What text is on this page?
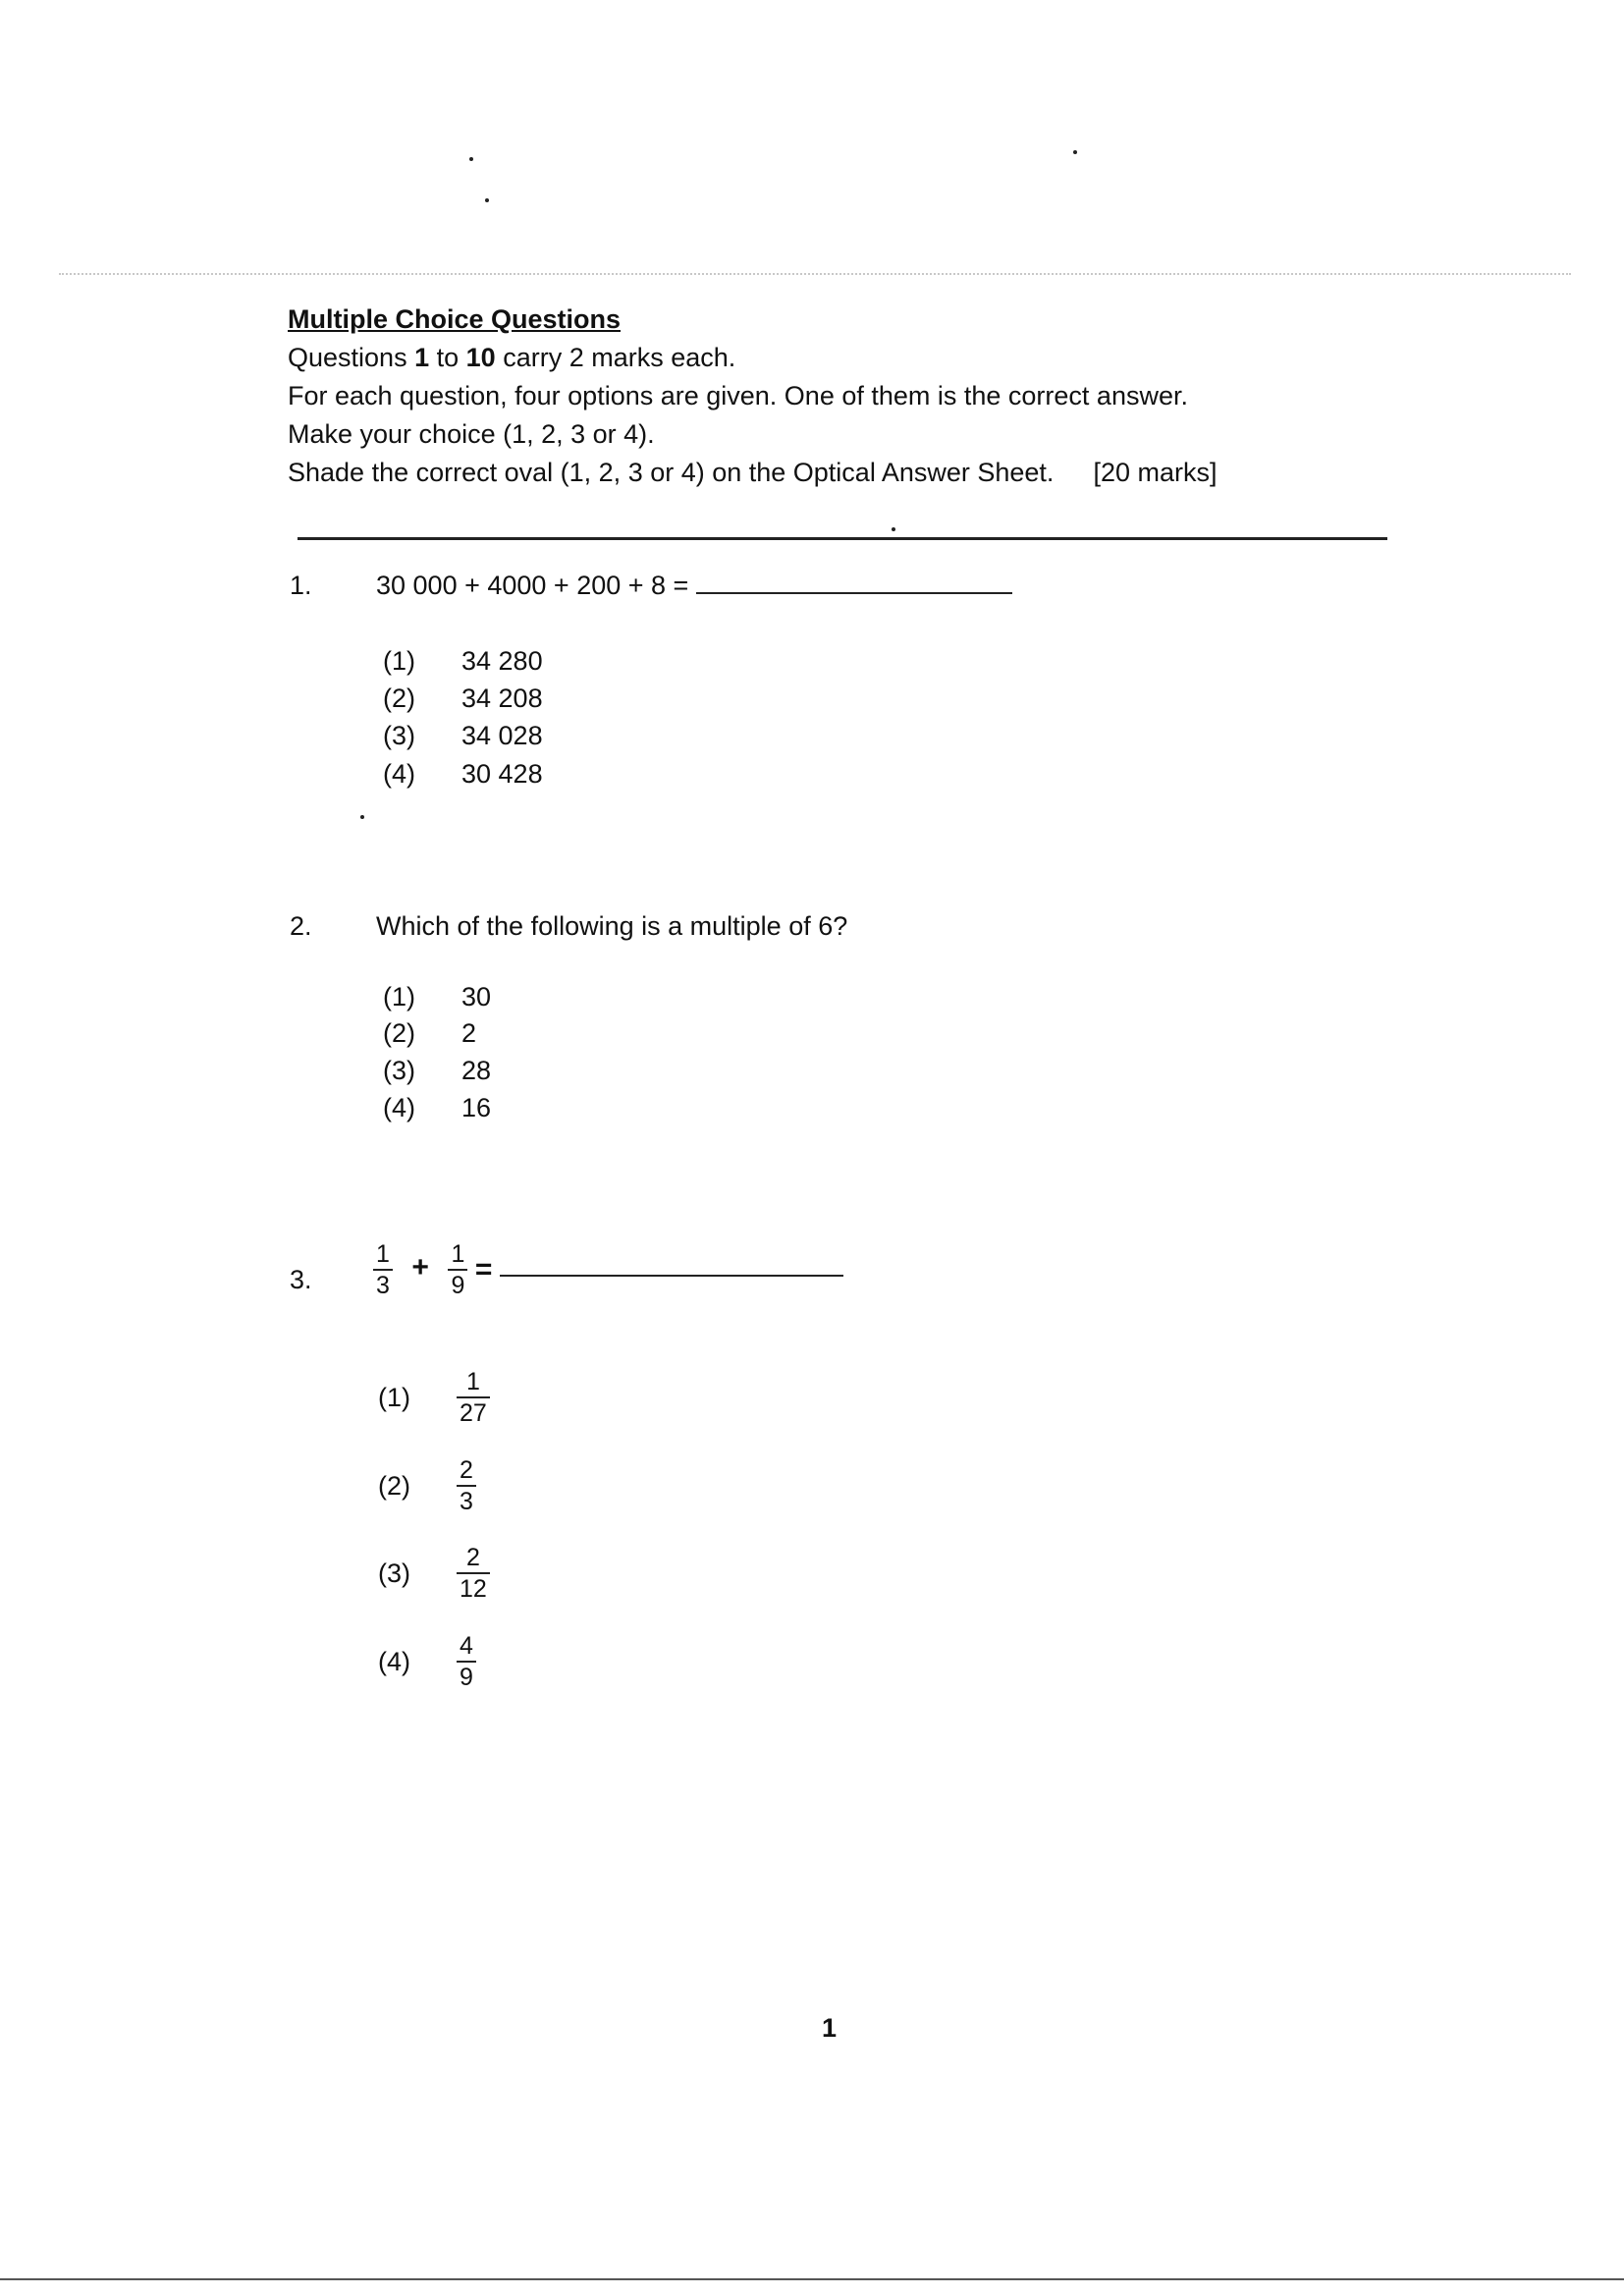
Multiple Choice Questions
Questions 1 to 10 carry 2 marks each.
For each question, four options are given. One of them is the correct answer.
Make your choice (1, 2, 3 or 4).
Shade the correct oval (1, 2, 3 or 4) on the Optical Answer Sheet. [20 marks]
1. 30 000 + 4000 + 200 + 8 =
(1) 34 280
(2) 34 208
(3) 34 028
(4) 30 428
2. Which of the following is a multiple of 6?
(1) 30
(2) 2
(3) 28
(4) 16
3. $\frac{1}{3} + \frac{1}{9}$ =
$(1) \frac{1}{27}$
$(2) \frac{2}{3}$
$(3) \frac{2}{12}$
$(4) \frac{4}{9}$
1
